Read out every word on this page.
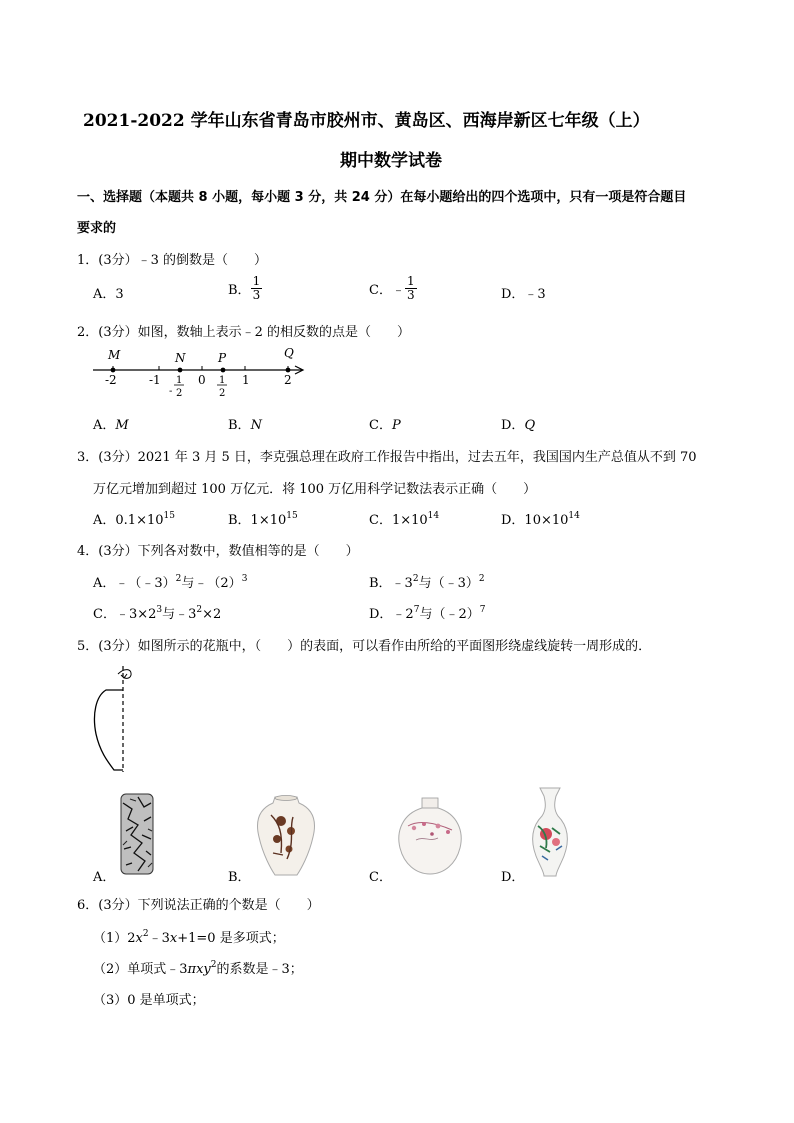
2021-2022 学年山东省青岛市胶州市、黄岛区、西海岸新区七年级（上）
期中数学试卷
一、选择题（本题共 8 小题，每小题 3 分，共 24 分）在每小题给出的四个选项中，只有一项是符合题目
要求的
1．(3分）﹣3 的倒数是（　　）
A．3	B． $\frac{1}{3}$	C．﹣ $\frac{1}{3}$	D．﹣3
2．(3分）如图，数轴上表示﹣2 的相反数的点是（　　）
M	N	P	Q
-2	-1	0	1	2
-
1
2
1
2
A．M	B．N	C．P	D．Q
3．(3分）2021 年 3 月 5 日，李克强总理在政府工作报告中指出，过去五年，我国国内生产总值从不到 70
万亿元增加到超过 100 万亿元．将 100 万亿用科学记数法表示正确（　　）
A．$0.1\times 10^{15}$	B．$1\times 10^{15}$	C．$1\times 10^{14}$	D．$10\times 10^{14}$
4．(3分）下列各对数中，数值相等的是（　　）
A．﹣（﹣3）$^2$与$﹣(2)^3$	B．$﹣3^2$与（﹣3）$^2$
C．$﹣3\times 2^3$与$﹣3^2\times 2$	D．$﹣2^7$与（﹣2）$^7$
5．(3分）如图所示的花瓶中，（　　）的表面，可以看作由所给的平面图形绕虚线旋转一周形成的．
A．	B．	C．	D．
6．(3分）下列说法正确的个数是（　　）
$(1)2x^2﹣3x+1=0$ 是多项式；
（2）单项式﹣3πxy$^2$的系数是﹣3；
（3）0 是单项式；
